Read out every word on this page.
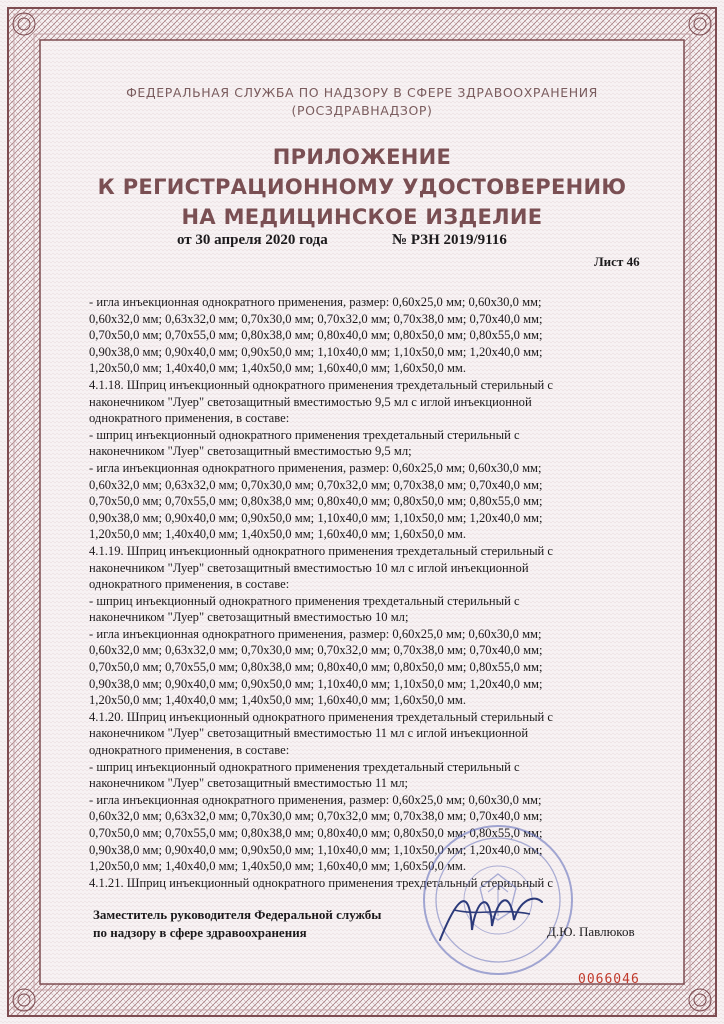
ФЕДЕРАЛЬНАЯ СЛУЖБА ПО НАДЗОРУ В СФЕРЕ ЗДРАВООХРАНЕНИЯ
(РОСЗДРАВНАДЗОР)
ПРИЛОЖЕНИЕ
К РЕГИСТРАЦИОННОМУ УДОСТОВЕРЕНИЮ
НА МЕДИЦИНСКОЕ ИЗДЕЛИЕ
от 30 апреля 2020 года	№ РЗН 2019/9116
Лист 46

- игла инъекционная однократного применения, размер: 0,60x25,0 мм; 0,60x30,0 мм;

0,60x32,0 мм; 0,63x32,0 мм; 0,70x30,0 мм; 0,70x32,0 мм; 0,70x38,0 мм; 0,70x40,0 мм;

0,70x50,0 мм; 0,70x55,0 мм; 0,80x38,0 мм; 0,80x40,0 мм; 0,80x50,0 мм; 0,80x55,0 мм;

0,90x38,0 мм; 0,90x40,0 мм; 0,90x50,0 мм; 1,10x40,0 мм; 1,10x50,0 мм; 1,20x40,0 мм;

1,20x50,0 мм; 1,40x40,0 мм; 1,40x50,0 мм; 1,60x40,0 мм; 1,60x50,0 мм.

4.1.18. Шприц инъекционный однократного применения трехдетальный стерильный с

наконечником "Луер" светозащитный вместимостью 9,5 мл с иглой инъекционной

однократного применения, в составе:

- шприц инъекционный однократного применения трехдетальный стерильный с

наконечником "Луер" светозащитный вместимостью 9,5 мл;

- игла инъекционная однократного применения, размер: 0,60x25,0 мм; 0,60x30,0 мм;

0,60x32,0 мм; 0,63x32,0 мм; 0,70x30,0 мм; 0,70x32,0 мм; 0,70x38,0 мм; 0,70x40,0 мм;

0,70x50,0 мм; 0,70x55,0 мм; 0,80x38,0 мм; 0,80x40,0 мм; 0,80x50,0 мм; 0,80x55,0 мм;

0,90x38,0 мм; 0,90x40,0 мм; 0,90x50,0 мм; 1,10x40,0 мм; 1,10x50,0 мм; 1,20x40,0 мм;

1,20x50,0 мм; 1,40x40,0 мм; 1,40x50,0 мм; 1,60x40,0 мм; 1,60x50,0 мм.

4.1.19. Шприц инъекционный однократного применения трехдетальный стерильный с

наконечником "Луер" светозащитный вместимостью 10 мл с иглой инъекционной

однократного применения, в составе:

- шприц инъекционный однократного применения трехдетальный стерильный с

наконечником "Луер" светозащитный вместимостью 10 мл;

- игла инъекционная однократного применения, размер: 0,60x25,0 мм; 0,60x30,0 мм;

0,60x32,0 мм; 0,63x32,0 мм; 0,70x30,0 мм; 0,70x32,0 мм; 0,70x38,0 мм; 0,70x40,0 мм;

0,70x50,0 мм; 0,70x55,0 мм; 0,80x38,0 мм; 0,80x40,0 мм; 0,80x50,0 мм; 0,80x55,0 мм;

0,90x38,0 мм; 0,90x40,0 мм; 0,90x50,0 мм; 1,10x40,0 мм; 1,10x50,0 мм; 1,20x40,0 мм;

1,20x50,0 мм; 1,40x40,0 мм; 1,40x50,0 мм; 1,60x40,0 мм; 1,60x50,0 мм.

4.1.20. Шприц инъекционный однократного применения трехдетальный стерильный с

наконечником "Луер" светозащитный вместимостью 11 мл с иглой инъекционной

однократного применения, в составе:

- шприц инъекционный однократного применения трехдетальный стерильный с

наконечником "Луер" светозащитный вместимостью 11 мл;

- игла инъекционная однократного применения, размер: 0,60x25,0 мм; 0,60x30,0 мм;

0,60x32,0 мм; 0,63x32,0 мм; 0,70x30,0 мм; 0,70x32,0 мм; 0,70x38,0 мм; 0,70x40,0 мм;

0,70x50,0 мм; 0,70x55,0 мм; 0,80x38,0 мм; 0,80x40,0 мм; 0,80x50,0 мм; 0,80x55,0 мм;

0,90x38,0 мм; 0,90x40,0 мм; 0,90x50,0 мм; 1,10x40,0 мм; 1,10x50,0 мм; 1,20x40,0 мм;

1,20x50,0 мм; 1,40x40,0 мм; 1,40x50,0 мм; 1,60x40,0 мм; 1,60x50,0 мм.

4.1.21. Шприц инъекционный однократного применения трехдетальный стерильный с

Заместитель руководителя Федеральной службы
по надзору в сфере здравоохранения	Д.Ю. Павлюков
0066046
